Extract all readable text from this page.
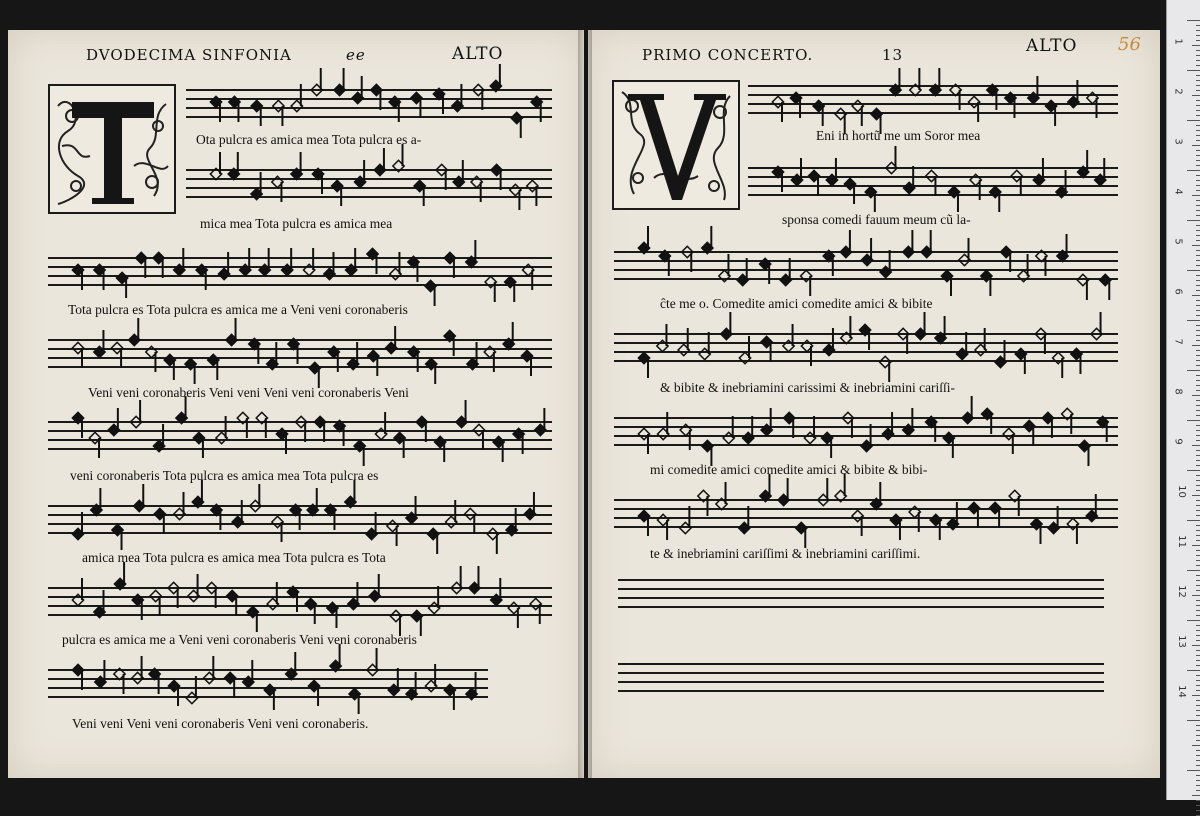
DVODECIMA SINFONIA	ee	ALTO	PRIMO CONCERTO.	13	ALTO 56
Ota pulcra es amica mea Tota pulcra es a-
mica mea Tota pulcra es amica mea
Tota pulcra es Tota pulcra es amica me a Veni veni coronaberis
Veni veni coronaberis Veni veni Veni veni coronaberis Veni
veni coronaberis Tota pulcra es amica mea Tota pulcra es
amica mea Tota pulcra es amica mea Tota pulcra es Tota
pulcra es amica me a Veni veni coronaberis Veni veni coronaberis
Veni veni Veni veni coronaberis Veni veni coronaberis.
Eni in hortũ me um Soror mea
sponsa comedi fauum meum cũ la-
ĉte me o. Comedite amici comedite amici & bibite
& bibite & inebriamini carissimi & inebriamini cariſſi-
mi comedite amici comedite amici & bibite & bibi-
te & inebriamini cariſſimi & inebriamini cariſſimi.
1
2
3
4
5
6
7
8
9
10
11
12
13
14
